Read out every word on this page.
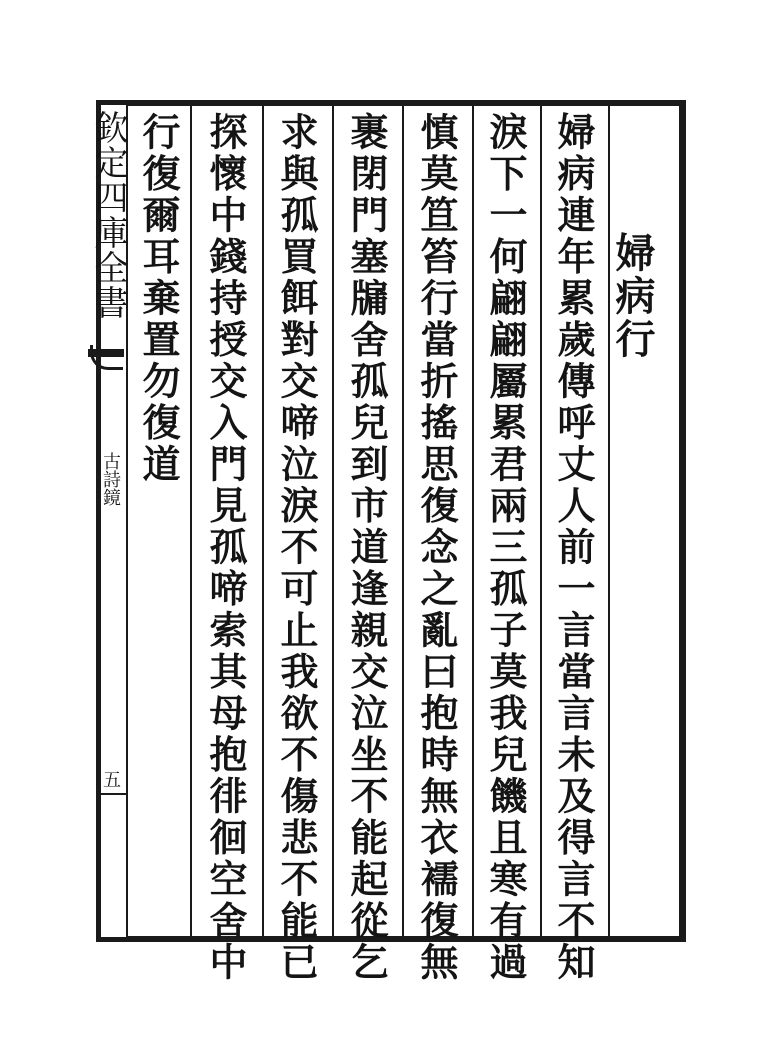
欽定四庫全書
古詩鏡
五
婦病行
婦病連年累歲傳呼丈人前一言當言未及得言不知
淚下一何翩翩屬累君兩三孤子莫我兒饑且寒有過
慎莫笪笞行當折搖思復念之亂曰抱時無衣襦復無
裹閉門塞牖舍孤兒到市道逢親交泣坐不能起從乞
求與孤買餌對交啼泣淚不可止我欲不傷悲不能已
探懷中錢持授交入門見孤啼索其母抱徘徊空舍中
行復爾耳棄置勿復道
